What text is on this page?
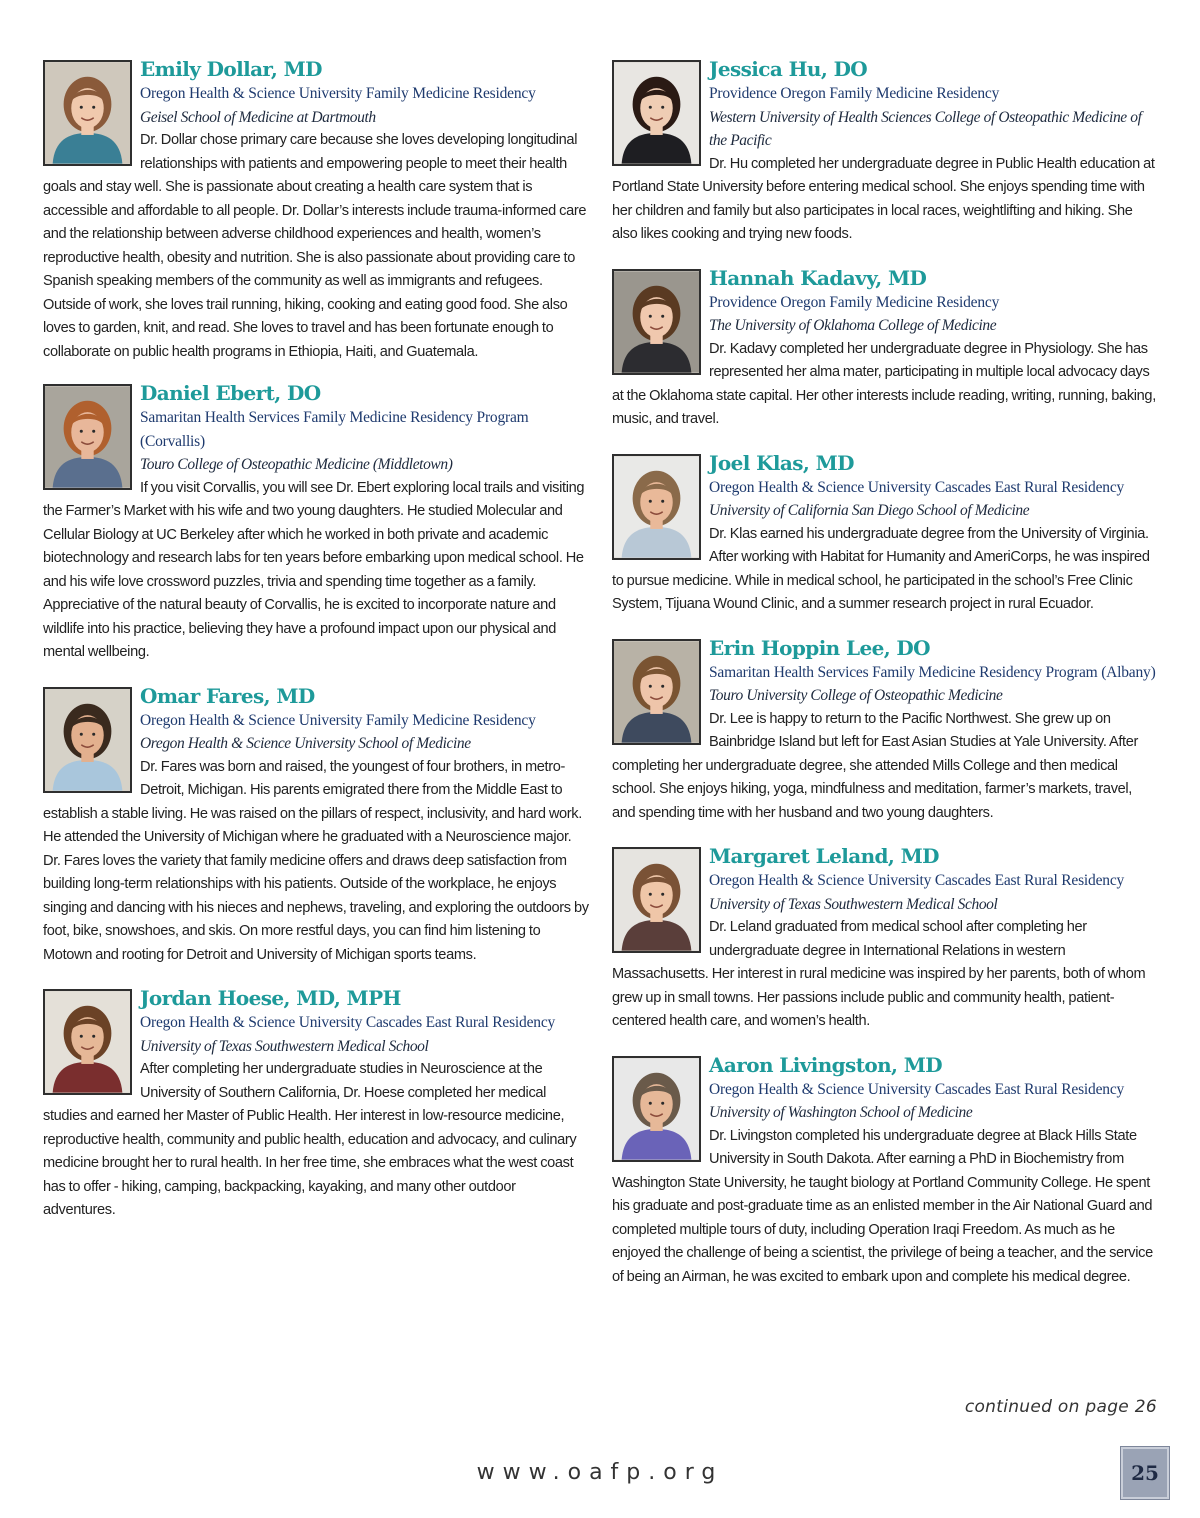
Emily Dollar, MD
Oregon Health & Science University Family Medicine Residency
Geisel School of Medicine at Dartmouth
Dr. Dollar chose primary care because she loves developing longitudinal relationships with patients and empowering people to meet their health goals and stay well. She is passionate about creating a health care system that is accessible and affordable to all people. Dr. Dollar’s interests include trauma-informed care and the relationship between adverse childhood experiences and health, women’s reproductive health, obesity and nutrition. She is also passionate about providing care to Spanish speaking members of the community as well as immigrants and refugees. Outside of work, she loves trail running, hiking, cooking and eating good food. She also loves to garden, knit, and read. She loves to travel and has been fortunate enough to collaborate on public health programs in Ethiopia, Haiti, and Guatemala.
Daniel Ebert, DO
Samaritan Health Services Family Medicine Residency Program (Corvallis)
Touro College of Osteopathic Medicine (Middletown)
If you visit Corvallis, you will see Dr. Ebert exploring local trails and visiting the Farmer’s Market with his wife and two young daughters. He studied Molecular and Cellular Biology at UC Berkeley after which he worked in both private and academic biotechnology and research labs for ten years before embarking upon medical school. He and his wife love crossword puzzles, trivia and spending time together as a family. Appreciative of the natural beauty of Corvallis, he is excited to incorporate nature and wildlife into his practice, believing they have a profound impact upon our physical and mental wellbeing.
Omar Fares, MD
Oregon Health & Science University Family Medicine Residency
Oregon Health & Science University School of Medicine
Dr. Fares was born and raised, the youngest of four brothers, in metro-Detroit, Michigan. His parents emigrated there from the Middle East to establish a stable living. He was raised on the pillars of respect, inclusivity, and hard work. He attended the University of Michigan where he graduated with a Neuroscience major. Dr. Fares loves the variety that family medicine offers and draws deep satisfaction from building long-term relationships with his patients. Outside of the workplace, he enjoys singing and dancing with his nieces and nephews, traveling, and exploring the outdoors by foot, bike, snowshoes, and skis. On more restful days, you can find him listening to Motown and rooting for Detroit and University of Michigan sports teams.
Jordan Hoese, MD, MPH
Oregon Health & Science University Cascades East Rural Residency
University of Texas Southwestern Medical School
After completing her undergraduate studies in Neuroscience at the University of Southern California, Dr. Hoese completed her medical studies and earned her Master of Public Health. Her interest in low-resource medicine, reproductive health, community and public health, education and advocacy, and culinary medicine brought her to rural health. In her free time, she embraces what the west coast has to offer - hiking, camping, backpacking, kayaking, and many other outdoor adventures.
Jessica Hu, DO
Providence Oregon Family Medicine Residency
Western University of Health Sciences College of Osteopathic Medicine of the Pacific
Dr. Hu completed her undergraduate degree in Public Health education at Portland State University before entering medical school. She enjoys spending time with her children and family but also participates in local races, weightlifting and hiking. She also likes cooking and trying new foods.
Hannah Kadavy, MD
Providence Oregon Family Medicine Residency
The University of Oklahoma College of Medicine
Dr. Kadavy completed her undergraduate degree in Physiology. She has represented her alma mater, participating in multiple local advocacy days at the Oklahoma state capital. Her other interests include reading, writing, running, baking, music, and travel.
Joel Klas, MD
Oregon Health & Science University Cascades East Rural Residency
University of California San Diego School of Medicine
Dr. Klas earned his undergraduate degree from the University of Virginia. After working with Habitat for Humanity and AmeriCorps, he was inspired to pursue medicine. While in medical school, he participated in the school’s Free Clinic System, Tijuana Wound Clinic, and a summer research project in rural Ecuador.
Erin Hoppin Lee, DO
Samaritan Health Services Family Medicine Residency Program (Albany)
Touro University College of Osteopathic Medicine
Dr. Lee is happy to return to the Pacific Northwest. She grew up on Bainbridge Island but left for East Asian Studies at Yale University. After completing her undergraduate degree, she attended Mills College and then medical school. She enjoys hiking, yoga, mindfulness and meditation, farmer’s markets, travel, and spending time with her husband and two young daughters.
Margaret Leland, MD
Oregon Health & Science University Cascades East Rural Residency
University of Texas Southwestern Medical School
Dr. Leland graduated from medical school after completing her undergraduate degree in International Relations in western Massachusetts. Her interest in rural medicine was inspired by her parents, both of whom grew up in small towns. Her passions include public and community health, patient-centered health care, and women’s health.
Aaron Livingston, MD
Oregon Health & Science University Cascades East Rural Residency
University of Washington School of Medicine
Dr. Livingston completed his undergraduate degree at Black Hills State University in South Dakota. After earning a PhD in Biochemistry from Washington State University, he taught biology at Portland Community College. He spent his graduate and post-graduate time as an enlisted member in the Air National Guard and completed multiple tours of duty, including Operation Iraqi Freedom. As much as he enjoyed the challenge of being a scientist, the privilege of being a teacher, and the service of being an Airman, he was excited to embark upon and complete his medical degree.
continued on page 26
www.oafp.org	25
